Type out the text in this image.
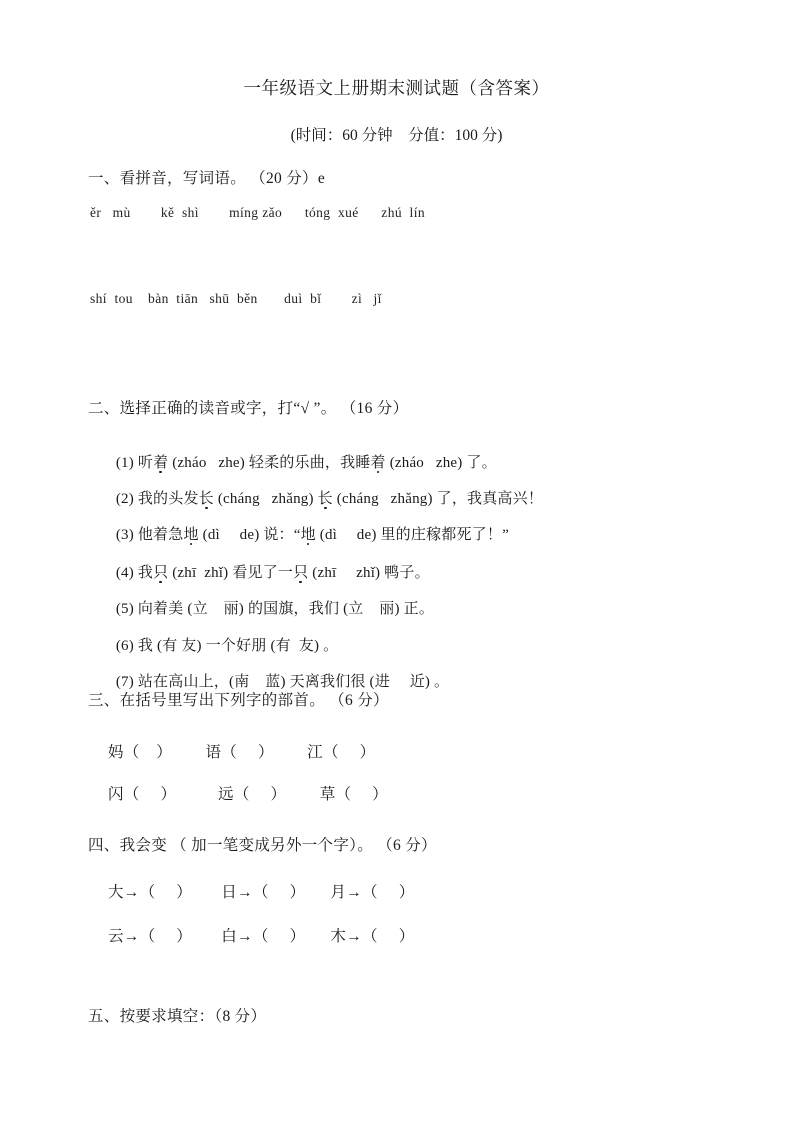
一年级语文上册期末测试题（含答案）
(时间：60 分钟    分值：100 分)
一、看拼音，写词语。 （20 分）e
ěr   mù        kě  shì        míng zǎo      tóng  xué      zhú  lín
shí  tou    bàn  tiān   shū  běn       duì  bǐ        zì   jǐ
二、选择正确的读音或字，打“√ ”。 （16 分）

(1) 听着 (zháo   zhe) 轻柔的乐曲，我睡着 (zháo   zhe) 了。

(2) 我的头发长 (cháng   zhǎng) 长 (cháng   zhǎng) 了，我真高兴！

(3) 他着急地 (dì     de) 说：“地 (dì     de) 里的庄稼都死了！”

(4) 我只 (zhī  zhǐ) 看见了一只 (zhī     zhǐ) 鸭子。

(5) 向着美 (立    丽) 的国旗，我们 (立    丽) 正。

(6) 我 (有 友) 一个好朋 (有  友) 。

(7) 站在高山上，(南    蓝) 天离我们很 (进     近) 。

三、在括号里写出下列字的部首。 （6 分）
妈（    ）        语（     ）        江（     ）
闪（     ）          远（     ）        草（     ）
四、我会变 （ 加一笔变成另外一个字）。 （6 分）
大→（     ）       日→（     ）      月→（     ）
云→（     ）       白→（     ）      木→（     ）
五、按要求填空：（8 分）
